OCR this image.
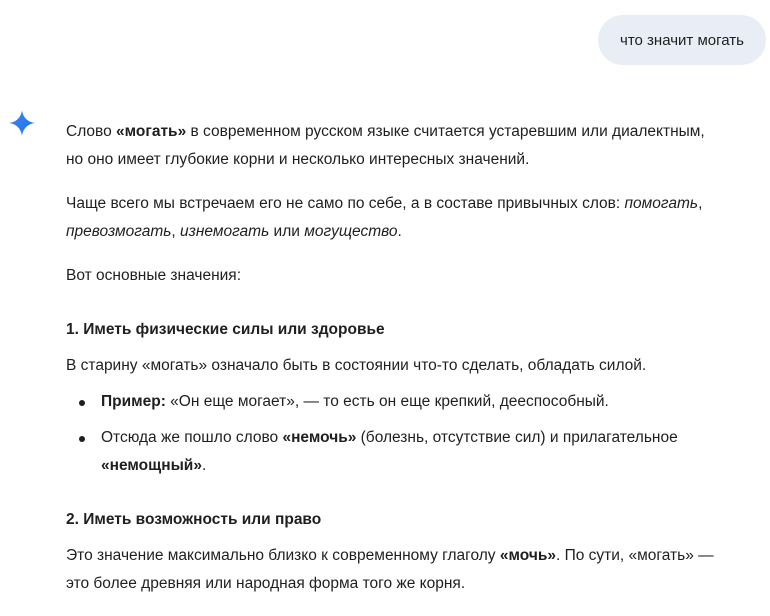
что значит могать

Слово «могать» в современном русском языке считается устаревшим или диалектным,
но оно имеет глубокие корни и несколько интересных значений.

Чаще всего мы встречаем его не само по себе, а в составе привычных слов: помогать,
превозмогать, изнемогать или могущество.

Вот основные значения:

1. Иметь физические силы или здоровье

В старину «могать» означало быть в состоянии что-то сделать, обладать силой.

Пример: «Он еще могает», — то есть он еще крепкий, дееспособный.
Отсюда же пошло слово «немочь» (болезнь, отсутствие сил) и прилагательное
«немощный».
2. Иметь возможность или право

Это значение максимально близко к современному глаголу «мочь». По сути, «могать» —
это более древняя или народная форма того же корня.
